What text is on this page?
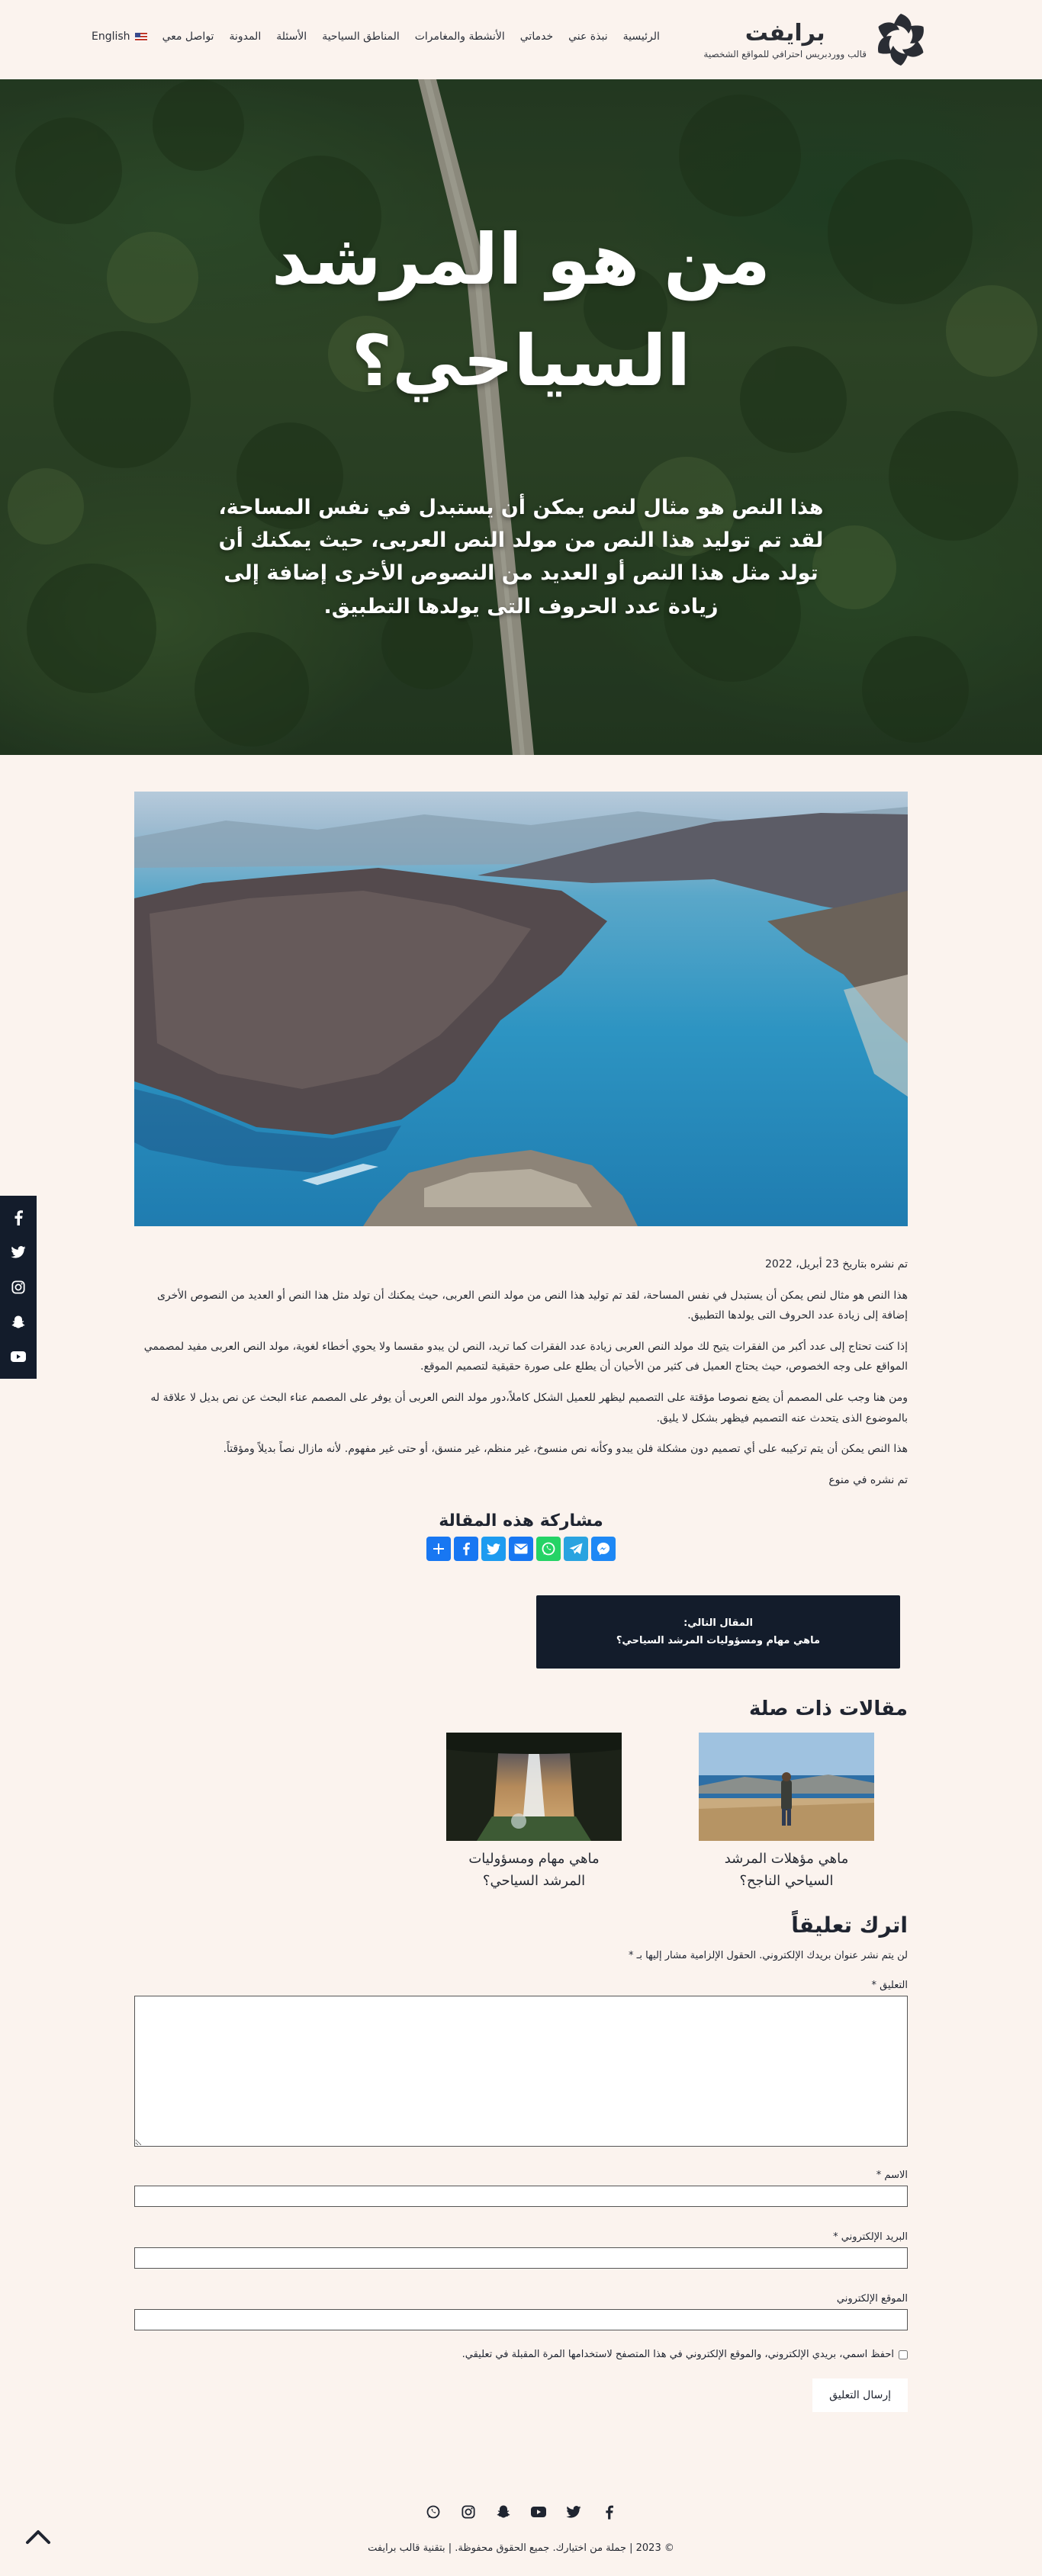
برايفت
قالب ووردبريس احترافي للمواقع الشخصية
الرئيسية
نبذة عني
خدماتي
الأنشطة والمغامرات
المناطق السياحية
الأسئلة
المدونة
تواصل معي
English
من هو المرشد
السياحي؟

هذا النص هو مثال لنص يمكن أن يستبدل في نفس المساحة، لقد تم توليد هذا النص من مولد النص العربى، حيث يمكنك أن تولد مثل هذا النص أو العديد من النصوص الأخرى إضافة إلى زيادة عدد الحروف التى يولدها التطبيق.

تم نشره بتاريخ 23 أبريل، 2022

هذا النص هو مثال لنص يمكن أن يستبدل في نفس المساحة، لقد تم توليد هذا النص من مولد النص العربى، حيث يمكنك أن تولد مثل هذا النص أو العديد من النصوص الأخرى إضافة إلى زيادة عدد الحروف التى يولدها التطبيق.

إذا كنت تحتاج إلى عدد أكبر من الفقرات يتيح لك مولد النص العربى زيادة عدد الفقرات كما تريد، النص لن يبدو مقسما ولا يحوي أخطاء لغوية، مولد النص العربى مفيد لمصممي المواقع على وجه الخصوص، حيث يحتاج العميل فى كثير من الأحيان أن يطلع على صورة حقيقية لتصميم الموقع.

ومن هنا وجب على المصمم أن يضع نصوصا مؤقتة على التصميم ليظهر للعميل الشكل كاملاً،دور مولد النص العربى أن يوفر على المصمم عناء البحث عن نص بديل لا علاقة له بالموضوع الذى يتحدث عنه التصميم فيظهر بشكل لا يليق.

هذا النص يمكن أن يتم تركيبه على أي تصميم دون مشكلة فلن يبدو وكأنه نص منسوخ، غير منظم، غير منسق، أو حتى غير مفهوم. لأنه مازال نصاً بديلاً ومؤقتاً.

تم نشره في منوع
مشاركة هذه المقالة
المقال التالي:
ماهي مهام ومسؤوليات المرشد السياحي؟
مقالات ذات صلة
ماهي مؤهلات المرشد السياحي الناجح؟
ماهي مهام ومسؤوليات المرشد السياحي؟
اترك تعليقاً
لن يتم نشر عنوان بريدك الإلكتروني. الحقول الإلزامية مشار إليها بـ *
التعليق *
الاسم *
البريد الإلكتروني *
الموقع الإلكتروني
احفظ اسمي، بريدي الإلكتروني، والموقع الإلكتروني في هذا المتصفح لاستخدامها المرة المقبلة في تعليقي.
إرسال التعليق
© 2023 | جملة من اختيارك. جميع الحقوق محفوظة. | بتقنية قالب برايفت
